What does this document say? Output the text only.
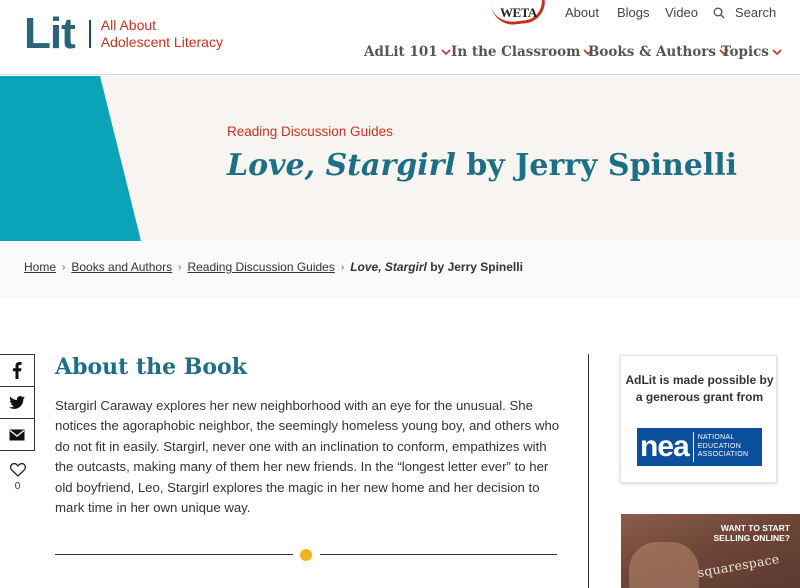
Lit All About
Adolescent Literacy
WETA About Blogs Video	Search
AdLit 101 In the Classroom Books & Authors Topics
Reading Discussion Guides
Love, Stargirl by Jerry Spinelli
Home › Books and Authors › Reading Discussion Guides › Love, Stargirl by Jerry Spinelli
0
About the Book

Stargirl Caraway explores her new neighborhood with an eye for the unusual. She notices the agoraphobic neighbor, the seemingly homeless young boy, and others who do not fit in easily. Stargirl, never one with an inclination to conform, empathizes with the outcasts, making many of them her new friends. In the “longest letter ever” to her old boyfriend, Leo, Stargirl explores the magic in her new home and her decision to mark time in her own unique way.

AdLit is made possible by a generous grant from
nea NATIONAL
EDUCATION
ASSOCIATION
WANT TO START
SELLING ONLINE?
squarespace
